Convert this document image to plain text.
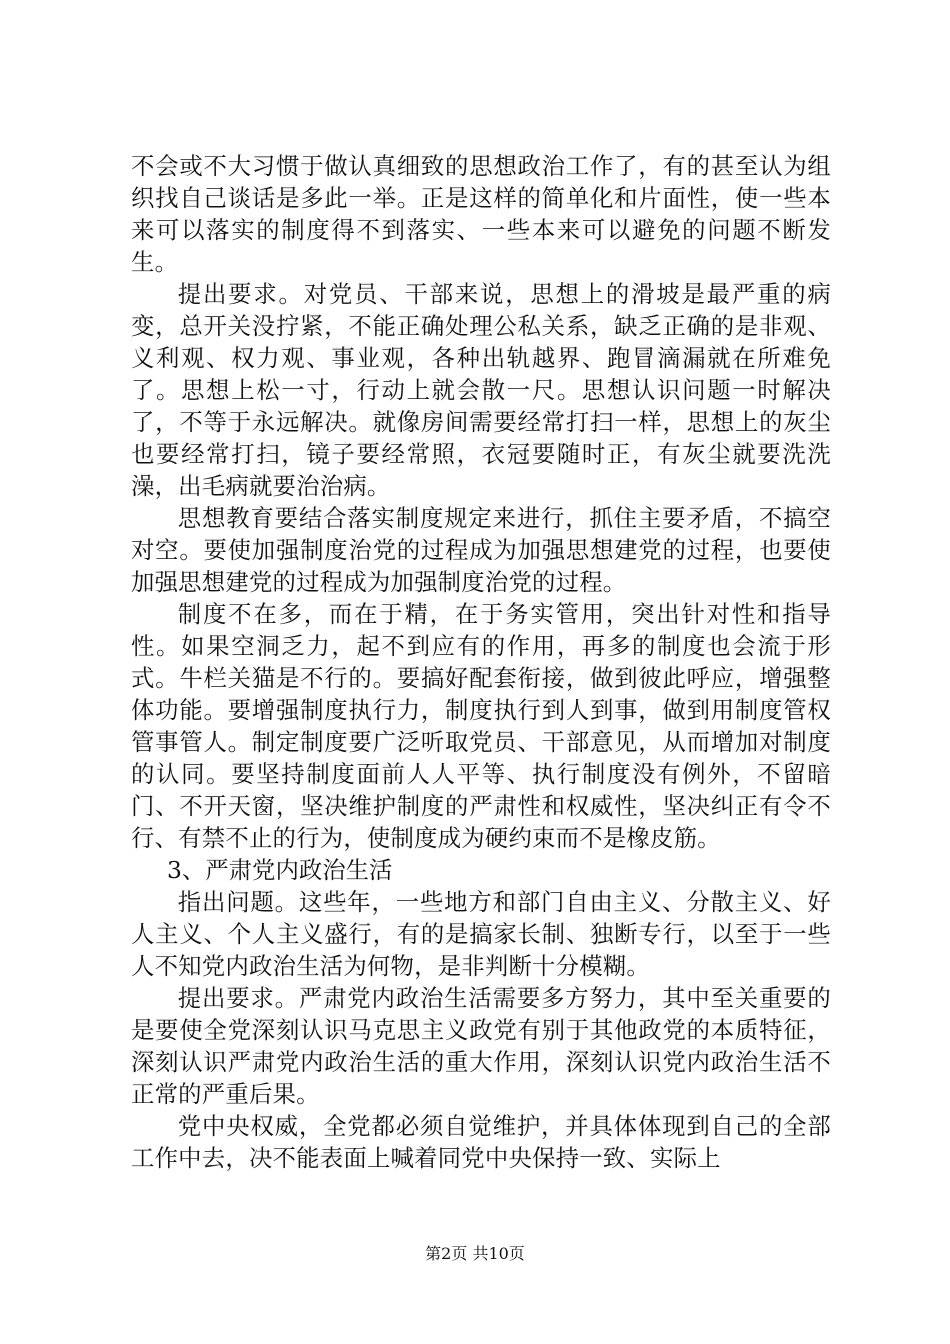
不会或不大习惯于做认真细致的思想政治工作了，有的甚至认为组织找自己谈话是多此一举。正是这样的简单化和片面性，使一些本来可以落实的制度得不到落实、一些本来可以避免的问题不断发生。

提出要求。对党员、干部来说，思想上的滑坡是最严重的病变，总开关没拧紧，不能正确处理公私关系，缺乏正确的是非观、义利观、权力观、事业观，各种出轨越界、跑冒滴漏就在所难免了。思想上松一寸，行动上就会散一尺。思想认识问题一时解决了，不等于永远解决。就像房间需要经常打扫一样，思想上的灰尘也要经常打扫，镜子要经常照，衣冠要随时正，有灰尘就要洗洗澡，出毛病就要治治病。

思想教育要结合落实制度规定来进行，抓住主要矛盾，不搞空对空。要使加强制度治党的过程成为加强思想建党的过程，也要使加强思想建党的过程成为加强制度治党的过程。

制度不在多，而在于精，在于务实管用，突出针对性和指导性。如果空洞乏力，起不到应有的作用，再多的制度也会流于形式。牛栏关猫是不行的。要搞好配套衔接，做到彼此呼应，增强整体功能。要增强制度执行力，制度执行到人到事，做到用制度管权管事管人。制定制度要广泛听取党员、干部意见，从而增加对制度的认同。要坚持制度面前人人平等、执行制度没有例外，不留暗门、不开天窗，坚决维护制度的严肃性和权威性，坚决纠正有令不行、有禁不止的行为，使制度成为硬约束而不是橡皮筋。

3、严肃党内政治生活

指出问题。这些年，一些地方和部门自由主义、分散主义、好人主义、个人主义盛行，有的是搞家长制、独断专行，以至于一些人不知党内政治生活为何物，是非判断十分模糊。

提出要求。严肃党内政治生活需要多方努力，其中至关重要的是要使全党深刻认识马克思主义政党有别于其他政党的本质特征，深刻认识严肃党内政治生活的重大作用，深刻认识党内政治生活不正常的严重后果。

党中央权威，全党都必须自觉维护，并具体体现到自己的全部工作中去，决不能表面上喊着同党中央保持一致、实际上

第2页 共10页
